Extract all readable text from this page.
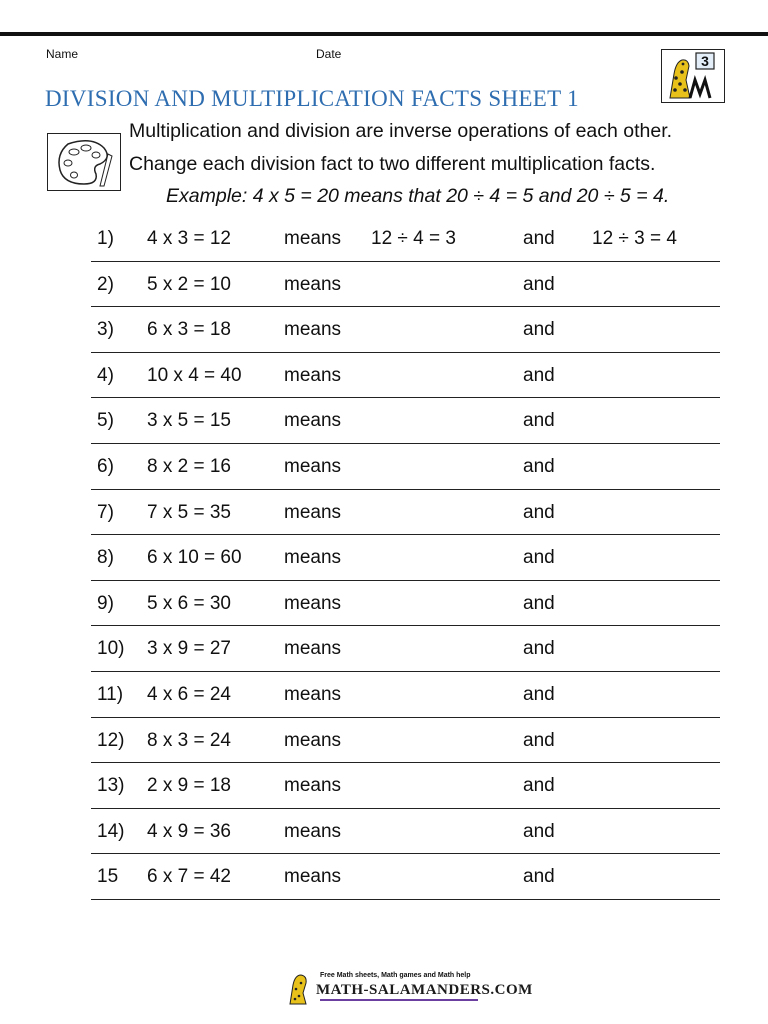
Name	Date	3
DIVISION AND MULTIPLICATION FACTS SHEET 1
Multiplication and division are inverse operations of each other.
Change each division fact to two different multiplication facts.
Example: 4 x 5 = 20 means that 20 ÷ 4 = 5 and 20 ÷ 5 = 4.
1) 4 x 3 = 12	means 12 ÷ 4 = 3	and 12 ÷ 3 = 4
2) 5 x 2 = 10	means	and
3) 6 x 3 = 18	means	and
4) 10 x 4 = 40 means	and
5) 3 x 5 = 15	means	and
6) 8 x 2 = 16	means	and
7) 7 x 5 = 35	means	and
8) 6 x 10 = 60 means	and
9) 5 x 6 = 30	means	and
10) 3 x 9 = 27	means	and
11) 4 x 6 = 24	means	and
12) 8 x 3 = 24	means	and
13) 2 x 9 = 18	means	and
14) 4 x 9 = 36	means	and
15 6 x 7 = 42	means	and
Free Math sheets, Math games and Math help
MATH-SALAMANDERS.COM
